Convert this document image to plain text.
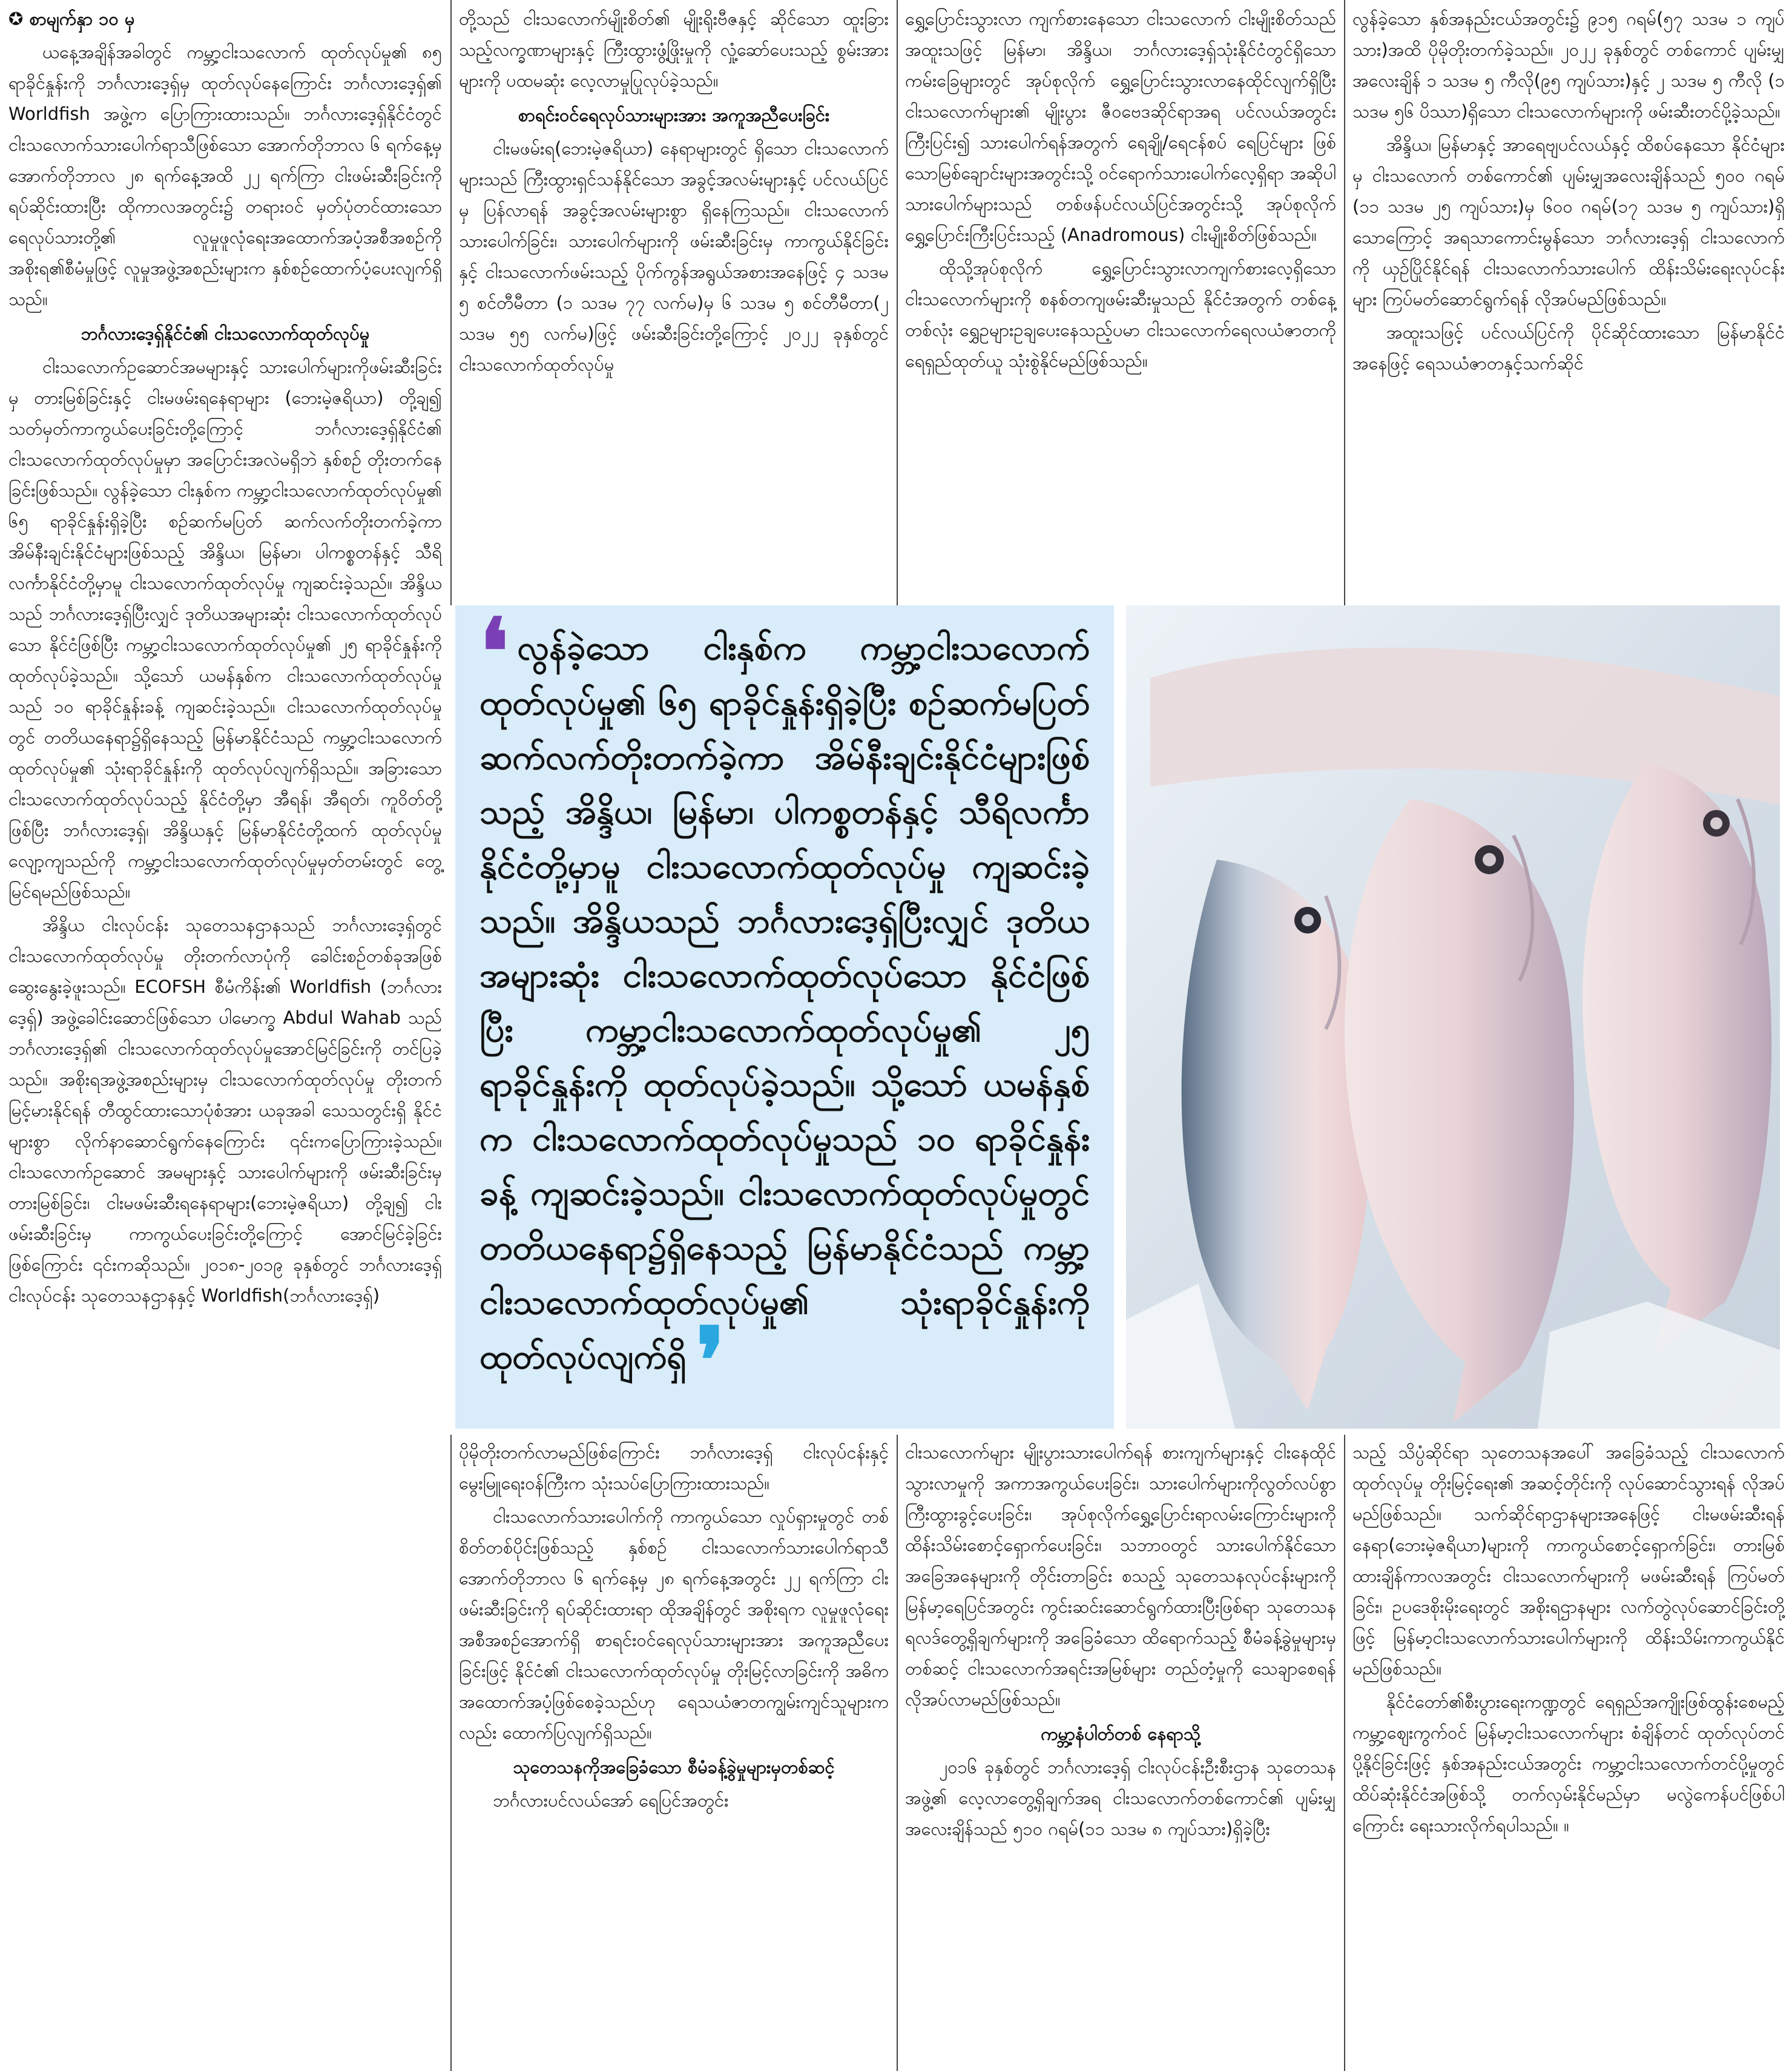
✪ စာမျက်နှာ ၁၀ မှ

ယနေ့အချိန်အခါတွင် ကမ္ဘာ့ငါးသလောက် ထုတ်လုပ်မှု၏ ၈၅ ရာခိုင်နှုန်းကို ဘင်္ဂလားဒေ့ရှ်မှ ထုတ်လုပ်နေကြောင်း ဘင်္ဂလားဒေ့ရှ်၏ Worldfish အဖွဲ့က ပြောကြားထားသည်။ ဘင်္ဂလားဒေ့ရှ်နိုင်ငံတွင် ငါးသလောက်သားပေါက်ရာသီဖြစ်သော အောက်တိုဘာလ ၆ ရက်နေ့မှ အောက်တိုဘာလ ၂၈ ရက်နေ့အထိ ၂၂ ရက်ကြာ ငါးဖမ်းဆီးခြင်းကို ရပ်ဆိုင်းထားပြီး ထိုကာလအတွင်း၌ တရားဝင် မှတ်ပုံတင်ထားသော ရေလုပ်သားတို့၏ လူမှုဖူလုံရေးအထောက်အပံ့အစီအစဉ်ကို အစိုးရ၏စီမံမှုဖြင့် လူမှုအဖွဲ့အစည်းများက နှစ်စဉ်ထောက်ပံ့ပေးလျက်ရှိသည်။

ဘင်္ဂလားဒေ့ရှ်နိုင်ငံ၏ ငါးသလောက်ထုတ်လုပ်မှု

ငါးသလောက်ဥဆောင်အမများနှင့် သားပေါက်များကိုဖမ်းဆီးခြင်းမှ တားမြစ်ခြင်းနှင့် ငါးမဖမ်းရနေရာများ (ဘေးမဲ့ဇရိယာ) တို့ချ၍ သတ်မှတ်ကာကွယ်ပေးခြင်းတို့ကြောင့် ဘင်္ဂလားဒေ့ရှ်နိုင်ငံ၏ ငါးသလောက်ထုတ်လုပ်မှုမှာ အပြောင်းအလဲမရှိဘဲ နှစ်စဉ် တိုးတက်နေခြင်းဖြစ်သည်။ လွန်ခဲ့သော ငါးနှစ်က ကမ္ဘာ့ငါးသလောက်ထုတ်လုပ်မှု၏ ၆၅ ရာခိုင်နှုန်းရှိခဲ့ပြီး စဉ်ဆက်မပြတ် ဆက်လက်တိုးတက်ခဲ့ကာ အိမ်နီးချင်းနိုင်ငံများဖြစ်သည့် အိန္ဒိယ၊ မြန်မာ၊ ပါကစ္စတန်နှင့် သီရိလင်္ကာနိုင်ငံတို့မှာမူ ငါးသလောက်ထုတ်လုပ်မှု ကျဆင်းခဲ့သည်။ အိန္ဒိယသည် ဘင်္ဂလားဒေ့ရှ်ပြီးလျှင် ဒုတိယအများဆုံး ငါးသလောက်ထုတ်လုပ်သော နိုင်ငံဖြစ်ပြီး ကမ္ဘာ့ငါးသလောက်ထုတ်လုပ်မှု၏ ၂၅ ရာခိုင်နှုန်းကို ထုတ်လုပ်ခဲ့သည်။ သို့သော် ယမန်နှစ်က ငါးသလောက်ထုတ်လုပ်မှုသည် ၁၀ ရာခိုင်နှုန်းခန့် ကျဆင်းခဲ့သည်။ ငါးသလောက်ထုတ်လုပ်မှုတွင် တတိယနေရာ၌ရှိနေသည့် မြန်မာနိုင်ငံသည် ကမ္ဘာ့ငါးသလောက်ထုတ်လုပ်မှု၏ သုံးရာခိုင်နှုန်းကို ထုတ်လုပ်လျက်ရှိသည်။ အခြားသော ငါးသလောက်ထုတ်လုပ်သည့် နိုင်ငံတို့မှာ အီရန်၊ အီရတ်၊ ကူဝိတ်တို့ဖြစ်ပြီး ဘင်္ဂလားဒေ့ရှ်၊ အိန္ဒိယနှင့် မြန်မာနိုင်ငံတို့ထက် ထုတ်လုပ်မှုလျော့ကျသည်ကို ကမ္ဘာ့ငါးသလောက်ထုတ်လုပ်မှုမှတ်တမ်းတွင် တွေ့မြင်ရမည်ဖြစ်သည်။

အိန္ဒိယ ငါးလုပ်ငန်း သုတေသနဌာနသည် ဘင်္ဂလားဒေ့ရှ်တွင် ငါးသလောက်ထုတ်လုပ်မှု တိုးတက်လာပုံကို ခေါင်းစဉ်တစ်ခုအဖြစ် ဆွေးနွေးခဲ့ဖူးသည်။ ECOFSH စီမံကိန်း၏ Worldfish (ဘင်္ဂလားဒေ့ရှ်) အဖွဲ့ခေါင်းဆောင်ဖြစ်သော ပါမောက္ခ Abdul Wahab သည် ဘင်္ဂလားဒေ့ရှ်၏ ငါးသလောက်ထုတ်လုပ်မှုအောင်မြင်ခြင်းကို တင်ပြခဲ့သည်။ အစိုးရအဖွဲ့အစည်းများမှ ငါးသလောက်ထုတ်လုပ်မှု တိုးတက်မြင့်မားနိုင်ရန် တီထွင်ထားသောပုံစံအား ယခုအခါ သေသတွင်းရှိ နိုင်ငံများစွာ လိုက်နာဆောင်ရွက်နေကြောင်း ၎င်းကပြောကြားခဲ့သည်။ ငါးသလောက်ဥဆောင် အမများနှင့် သားပေါက်များကို ဖမ်းဆီးခြင်းမှတားမြစ်ခြင်း၊ ငါးမဖမ်းဆီးရနေရာများ(ဘေးမဲ့ဇရိယာ) တို့ချ၍ ငါးဖမ်းဆီးခြင်းမှ ကာကွယ်ပေးခြင်းတို့ကြောင့် အောင်မြင်ခဲ့ခြင်းဖြစ်ကြောင်း ၎င်းကဆိုသည်။ ၂၀၁၈-၂၀၁၉ ခုနှစ်တွင် ဘင်္ဂလားဒေ့ရှ် ငါးလုပ်ငန်း သုတေသနဌာနနှင့် Worldfish(ဘင်္ဂလားဒေ့ရှ်)

တို့သည် ငါးသလောက်မျိုးစိတ်၏ မျိုးရိုးဗီဇနှင့် ဆိုင်သော ထူးခြားသည့်လက္ခဏာများနှင့် ကြီးထွားဖွံ့ဖြိုးမှုကို လှုံ့ဆော်ပေးသည့် စွမ်းအားများကို ပထမဆုံး လေ့လာမှုပြုလုပ်ခဲ့သည်။

စာရင်းဝင်ရေလုပ်သားများအား အကူအညီပေးခြင်း

ငါးမဖမ်းရ(ဘေးမဲ့ဇရိယာ) နေရာများတွင် ရှိသော ငါးသလောက်များသည် ကြီးထွားရှင်သန်နိုင်သော အခွင့်အလမ်းများနှင့် ပင်လယ်ပြင်မှ ပြန်လာရန် အခွင့်အလမ်းများစွာ ရှိနေကြသည်။ ငါးသလောက်သားပေါက်ခြင်း၊ သားပေါက်များကို ဖမ်းဆီးခြင်းမှ ကာကွယ်နိုင်ခြင်းနှင့် ငါးသလောက်ဖမ်းသည့် ပိုက်ကွန်အရွယ်အစားအနေဖြင့် ၄ သဒမ ၅ စင်တီမီတာ (၁ သဒမ ၇၇ လက်မ)မှ ၆ သဒမ ၅ စင်တီမီတာ(၂ သဒမ ၅၅ လက်မ)ဖြင့် ဖမ်းဆီးခြင်းတို့ကြောင့် ၂၀၂၂ ခုနှစ်တွင် ငါးသလောက်ထုတ်လုပ်မှု

ရွှေ့ပြောင်းသွားလာ ကျက်စားနေသော ငါးသလောက် ငါးမျိုးစိတ်သည် အထူးသဖြင့် မြန်မာ၊ အိန္ဒိယ၊ ဘင်္ဂလားဒေ့ရှ်သုံးနိုင်ငံတွင်ရှိသော ကမ်းခြေများတွင် အုပ်စုလိုက် ရွှေ့ပြောင်းသွားလာနေထိုင်လျက်ရှိပြီး ငါးသလောက်များ၏ မျိုးပွား ဇီဝဗေဒဆိုင်ရာအရ ပင်လယ်အတွင်း ကြီးပြင်း၍ သားပေါက်ရန်အတွက် ရေချို/ရေငန်စပ် ရေပြင်များ ဖြစ်သောမြစ်ချောင်းများအတွင်းသို့ ဝင်ရောက်သားပေါက်လေ့ရှိရာ အဆိုပါသားပေါက်များသည် တစ်ဖန်ပင်လယ်ပြင်အတွင်းသို့ အုပ်စုလိုက် ရွှေ့ပြောင်းကြီးပြင်းသည့် (Anadromous) ငါးမျိုးစိတ်ဖြစ်သည်။

ထိုသို့အုပ်စုလိုက် ရွှေ့ပြောင်းသွားလာကျက်စားလေ့ရှိသော ငါးသလောက်များကို စနစ်တကျဖမ်းဆီးမှုသည် နိုင်ငံအတွက် တစ်နေ့တစ်လုံး ရွှေဥများဥချပေးနေသည့်ပမာ ငါးသလောက်ရေလယံဇာတကို ရေရှည်ထုတ်ယူ သုံးစွဲနိုင်မည်ဖြစ်သည်။

လွန်ခဲ့သော နှစ်အနည်းငယ်အတွင်း၌ ၉၁၅ ဂရမ်(၅၇ သဒမ ၁ ကျပ်သား)အထိ ပိုမိုတိုးတက်ခဲ့သည်။ ၂၀၂၂ ခုနှစ်တွင် တစ်ကောင် ပျမ်းမျှအလေးချိန် ၁ သဒမ ၅ ကီလို(၉၅ ကျပ်သား)နှင့် ၂ သဒမ ၅ ကီလို (၁ သဒမ ၅၆ ပိဿာ)ရှိသော ငါးသလောက်များကို ဖမ်းဆီးတင်ပို့ခဲ့သည်။

အိန္ဒိယ၊ မြန်မာနှင့် အာရေဗျပင်လယ်နှင့် ထိစပ်နေသော နိုင်ငံများမှ ငါးသလောက် တစ်ကောင်၏ ပျမ်းမျှအလေးချိန်သည် ၅၀၀ ဂရမ် (၁၁ သဒမ ၂၅ ကျပ်သား)မှ ၆၀၀ ဂရမ်(၁၇ သဒမ ၅ ကျပ်သား)ရှိသောကြောင့် အရသာကောင်းမွန်သော ဘင်္ဂလားဒေ့ရှ် ငါးသလောက်ကို ယှဉ်ပြိုင်နိုင်ရန် ငါးသလောက်သားပေါက် ထိန်းသိမ်းရေးလုပ်ငန်းများ ကြပ်မတ်ဆောင်ရွက်ရန် လိုအပ်မည်ဖြစ်သည်။

အထူးသဖြင့် ပင်လယ်ပြင်ကို ပိုင်ဆိုင်ထားသော မြန်မာနိုင်ငံအနေဖြင့် ရေသယံဇာတနှင့်သက်ဆိုင်

❛ လွန်ခဲ့သော ငါးနှစ်က ကမ္ဘာ့ငါးသလောက်ထုတ်လုပ်မှု၏ ၆၅ ရာခိုင်နှုန်းရှိခဲ့ပြီး စဉ်ဆက်မပြတ်ဆက်လက်တိုးတက်ခဲ့ကာ အိမ်နီးချင်းနိုင်ငံများဖြစ်သည့် အိန္ဒိယ၊ မြန်မာ၊ ပါကစ္စတန်နှင့် သီရိလင်္ကာနိုင်ငံတို့မှာမူ ငါးသလောက်ထုတ်လုပ်မှု ကျဆင်းခဲ့သည်။ အိန္ဒိယသည် ဘင်္ဂလားဒေ့ရှ်ပြီးလျှင် ဒုတိယအများဆုံး ငါးသလောက်ထုတ်လုပ်သော နိုင်ငံဖြစ်ပြီး ကမ္ဘာ့ငါးသလောက်ထုတ်လုပ်မှု၏ ၂၅ ရာခိုင်နှုန်းကို ထုတ်လုပ်ခဲ့သည်။ သို့သော် ယမန်နှစ်က ငါးသလောက်ထုတ်လုပ်မှုသည် ၁၀ ရာခိုင်နှုန်းခန့် ကျဆင်းခဲ့သည်။ ငါးသလောက်ထုတ်လုပ်မှုတွင် တတိယနေရာ၌ရှိနေသည့် မြန်မာနိုင်ငံသည် ကမ္ဘာ့ငါးသလောက်ထုတ်လုပ်မှု၏ သုံးရာခိုင်နှုန်းကို ထုတ်လုပ်လျက်ရှိ ❜

ပိုမိုတိုးတက်လာမည်ဖြစ်ကြောင်း ဘင်္ဂလားဒေ့ရှ် ငါးလုပ်ငန်းနှင့် မွေးမြူရေးဝန်ကြီးက သုံးသပ်ပြောကြားထားသည်။

ငါးသလောက်သားပေါက်ကို ကာကွယ်သော လှုပ်ရှားမှုတွင် တစ်စိတ်တစ်ပိုင်းဖြစ်သည့် နှစ်စဉ် ငါးသလောက်သားပေါက်ရာသီ အောက်တိုဘာလ ၆ ရက်နေ့မှ ၂၈ ရက်နေ့အတွင်း ၂၂ ရက်ကြာ ငါးဖမ်းဆီးခြင်းကို ရပ်ဆိုင်းထားရာ ထိုအချိန်တွင် အစိုးရက လူမှုဖူလုံရေးအစီအစဉ်အောက်ရှိ စာရင်းဝင်ရေလုပ်သားများအား အကူအညီပေးခြင်းဖြင့် နိုင်ငံ၏ ငါးသလောက်ထုတ်လုပ်မှု တိုးမြင့်လာခြင်းကို အဓိကအထောက်အပံ့ဖြစ်စေခဲ့သည်ဟု ရေသယံဇာတကျွမ်းကျင်သူများကလည်း ထောက်ပြလျက်ရှိသည်။

သုတေသနကိုအခြေခံသော စီမံခန့်ခွဲမှုများမှတစ်ဆင့်

ဘင်္ဂလားပင်လယ်အော် ရေပြင်အတွင်း

ငါးသလောက်များ မျိုးပွားသားပေါက်ရန် စားကျက်များနှင့် ငါးနေထိုင်သွားလာမှုကို အကာအကွယ်ပေးခြင်း၊ သားပေါက်များကိုလွတ်လပ်စွာ ကြီးထွားခွင့်ပေးခြင်း၊ အုပ်စုလိုက်ရွှေ့ပြောင်းရာလမ်းကြောင်းများကို ထိန်းသိမ်းစောင့်ရှောက်ပေးခြင်း၊ သဘာဝတွင် သားပေါက်နိုင်သောအခြေအနေများကို တိုင်းတာခြင်း စသည့် သုတေသနလုပ်ငန်းများကို မြန်မာ့ရေပြင်အတွင်း ကွင်းဆင်းဆောင်ရွက်ထားပြီးဖြစ်ရာ သုတေသနရလဒ်တွေ့ရှိချက်များကို အခြေခံသော ထိရောက်သည့် စီမံခန့်ခွဲမှုများမှတစ်ဆင့် ငါးသလောက်အရင်းအမြစ်များ တည်တံ့မှုကို သေချာစေရန် လိုအပ်လာမည်ဖြစ်သည်။

ကမ္ဘာ့နံပါတ်တစ် နေရာသို့

၂၀၁၆ ခုနှစ်တွင် ဘင်္ဂလားဒေ့ရှ် ငါးလုပ်ငန်းဦးစီးဌာန သုတေသနအဖွဲ့၏ လေ့လာတွေ့ရှိချက်အရ ငါးသလောက်တစ်ကောင်၏ ပျမ်းမျှအလေးချိန်သည် ၅၁၀ ဂရမ်(၁၁ သဒမ ၈ ကျပ်သား)ရှိခဲ့ပြီး

သည့် သိပ္ပံဆိုင်ရာ သုတေသနအပေါ် အခြေခံသည့် ငါးသလောက်ထုတ်လုပ်မှု တိုးမြင့်ရေး၏ အဆင့်တိုင်းကို လုပ်ဆောင်သွားရန် လိုအပ်မည်ဖြစ်သည်။ သက်ဆိုင်ရာဌာနများအနေဖြင့် ငါးမဖမ်းဆီးရန်နေရာ(ဘေးမဲ့ဇရိယာ)များကို ကာကွယ်စောင့်ရှောက်ခြင်း၊ တားမြစ်ထားချိန်ကာလအတွင်း ငါးသလောက်များကို မဖမ်းဆီးရန် ကြပ်မတ်ခြင်း၊ ဥပဒေစိုးမိုးရေးတွင် အစိုးရဌာနများ လက်တွဲလုပ်ဆောင်ခြင်းတို့ဖြင့် မြန်မာ့ငါးသလောက်သားပေါက်များကို ထိန်းသိမ်းကာကွယ်နိုင်မည်ဖြစ်သည်။

နိုင်ငံတော်၏စီးပွားရေးကဏ္ဍတွင် ရေရှည်အကျိုးဖြစ်ထွန်းစေမည့် ကမ္ဘာ့ဈေးကွက်ဝင် မြန်မာ့ငါးသလောက်များ စံချိန်တင် ထုတ်လုပ်တင်ပို့နိုင်ခြင်းဖြင့် နှစ်အနည်းငယ်အတွင်း ကမ္ဘာ့ငါးသလောက်တင်ပို့မှုတွင် ထိပ်ဆုံးနိုင်ငံအဖြစ်သို့ တက်လှမ်းနိုင်မည်မှာ မလွဲကေန်ပင်ဖြစ်ပါကြောင်း ရေးသားလိုက်ရပါသည်။ ။
